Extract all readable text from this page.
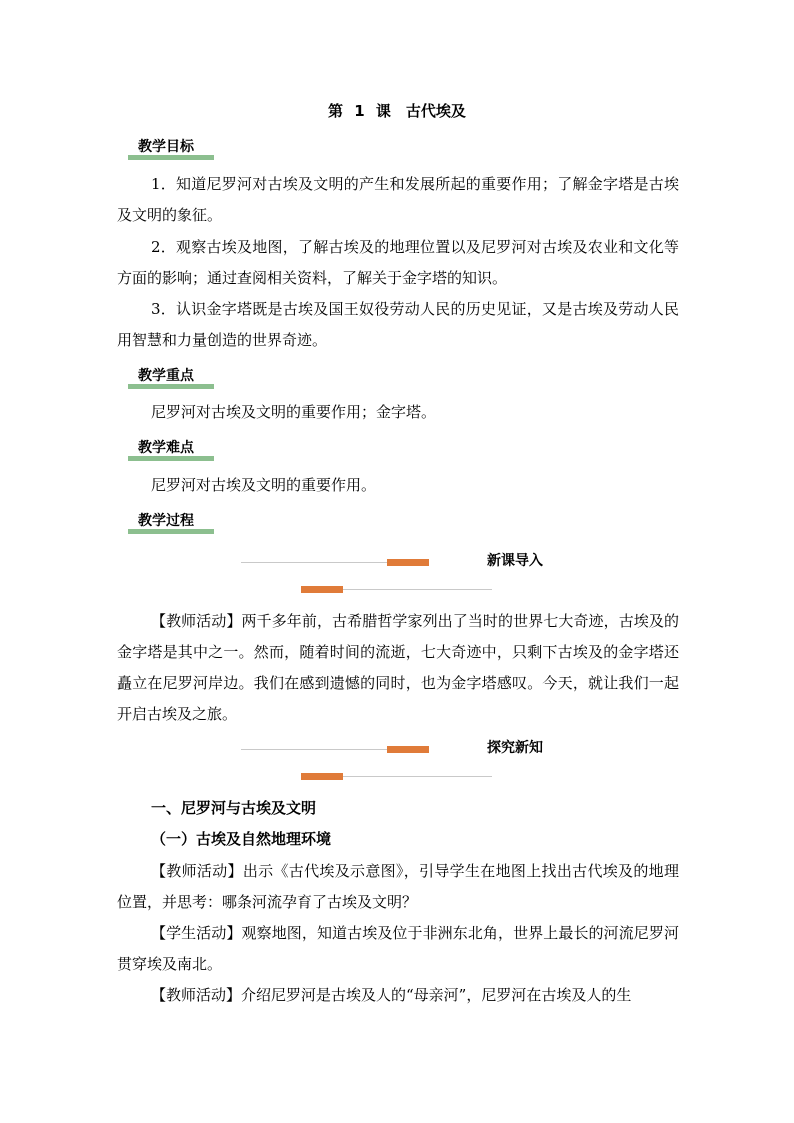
第 1 课　古代埃及
教学目标
1．知道尼罗河对古埃及文明的产生和发展所起的重要作用；了解金字塔是古埃及文明的象征。
2．观察古埃及地图，了解古埃及的地理位置以及尼罗河对古埃及农业和文化等方面的影响；通过查阅相关资料，了解关于金字塔的知识。
3．认识金字塔既是古埃及国王奴役劳动人民的历史见证，又是古埃及劳动人民用智慧和力量创造的世界奇迹。
教学重点
尼罗河对古埃及文明的重要作用；金字塔。
教学难点
尼罗河对古埃及文明的重要作用。
教学过程
新课导入
【教师活动】两千多年前，古希腊哲学家列出了当时的世界七大奇迹，古埃及的金字塔是其中之一。然而，随着时间的流逝，七大奇迹中，只剩下古埃及的金字塔还矗立在尼罗河岸边。我们在感到遗憾的同时，也为金字塔感叹。今天，就让我们一起开启古埃及之旅。
探究新知
一、尼罗河与古埃及文明
（一）古埃及自然地理环境
【教师活动】出示《古代埃及示意图》，引导学生在地图上找出古代埃及的地理位置，并思考：哪条河流孕育了古埃及文明？
【学生活动】观察地图，知道古埃及位于非洲东北角，世界上最长的河流尼罗河贯穿埃及南北。
【教师活动】介绍尼罗河是古埃及人的“母亲河”，尼罗河在古埃及人的生
